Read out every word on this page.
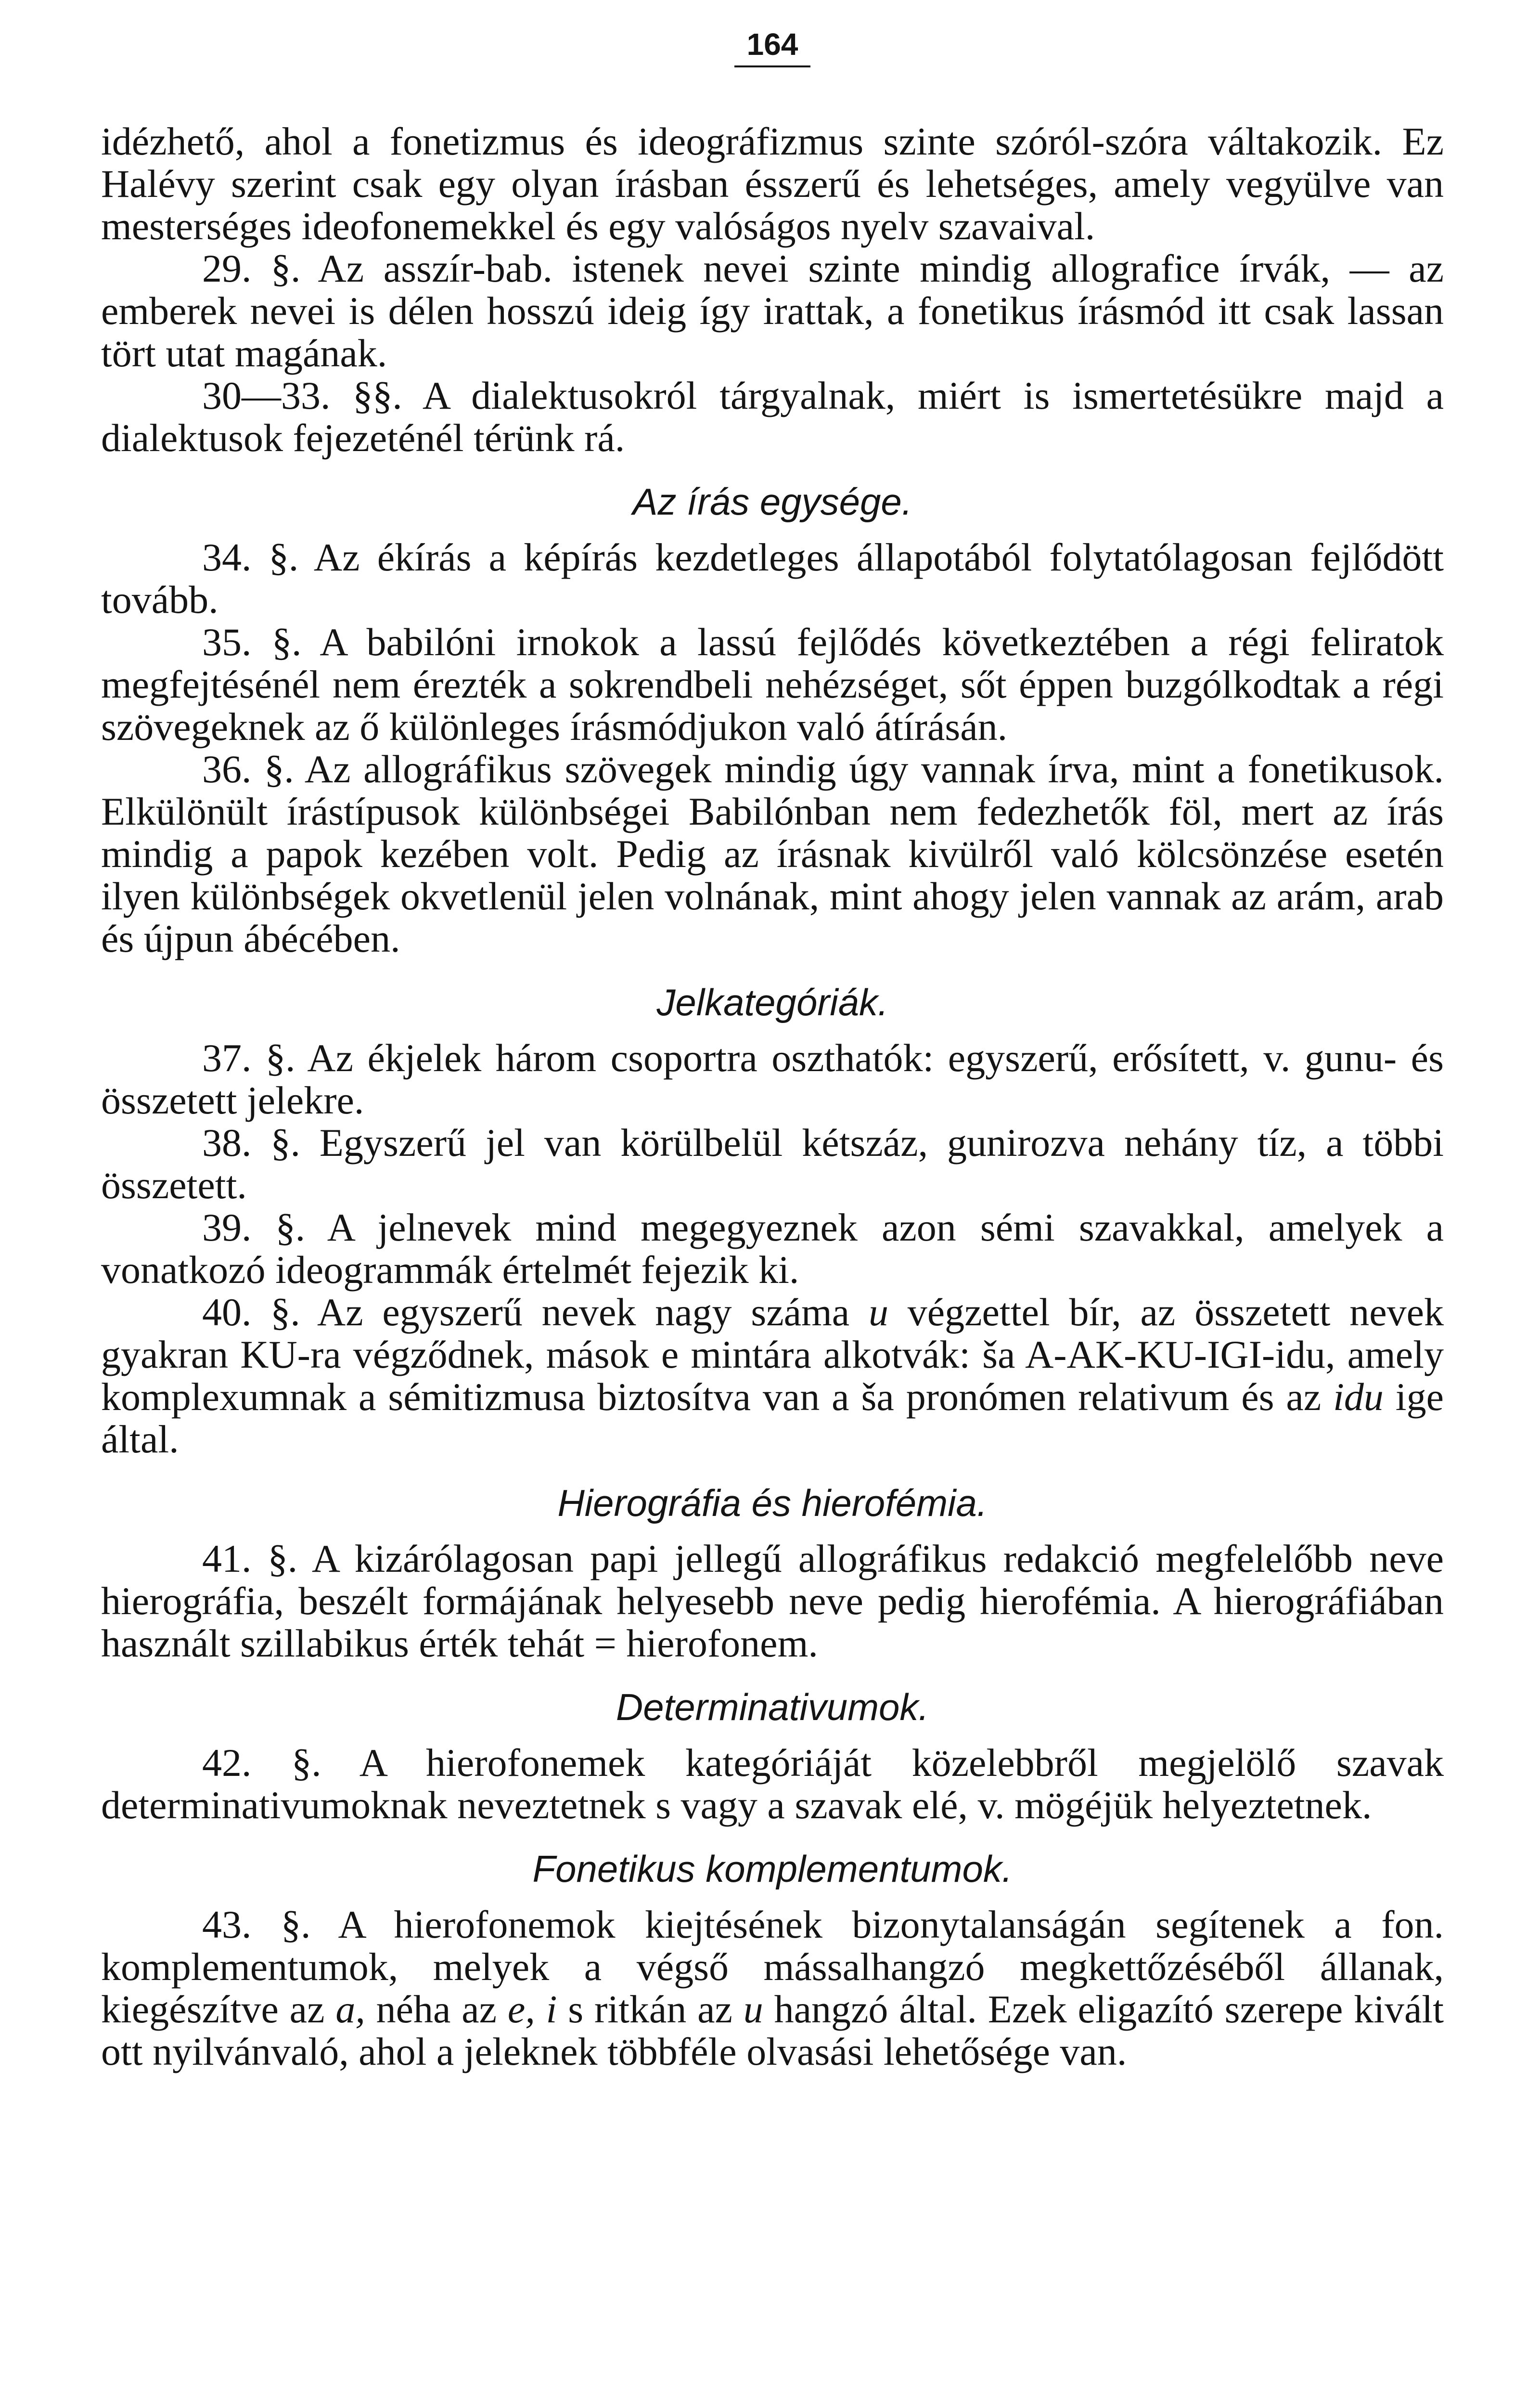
164

idézhető, ahol a fonetizmus és ideográfizmus szinte szóról-szóra váltakozik. Ez Halévy szerint csak egy olyan írásban ésszerű és lehetséges, amely vegyülve van mesterséges ideofonemekkel és egy valóságos nyelv szavaival.

29. §. Az asszír-bab. istenek nevei szinte mindig allografice írvák, — az emberek nevei is délen hosszú ideig így irattak, a fonetikus írásmód itt csak lassan tört utat magának.

30—33. §§. A dialektusokról tárgyalnak, miért is ismertetésükre majd a dialektusok fejezeténél térünk rá.

Az írás egysége.

34. §. Az ékírás a képírás kezdetleges állapotából folytatólagosan fejlődött tovább.

35. §. A babilóni irnokok a lassú fejlődés következtében a régi feliratok megfejtésénél nem érezték a sokrendbeli nehézséget, sőt éppen buzgólkodtak a régi szövegeknek az ő különleges írásmódjukon való átírásán.

36. §. Az allográfikus szövegek mindig úgy vannak írva, mint a fonetikusok. Elkülönült írástípusok különbségei Babilónban nem fedezhetők föl, mert az írás mindig a papok kezében volt. Pedig az írásnak kivülről való kölcsönzése esetén ilyen különbségek okvetlenül jelen volnának, mint ahogy jelen vannak az arám, arab és újpun ábécében.

Jelkategóriák.

37. §. Az ékjelek három csoportra oszthatók: egyszerű, erősített, v. gunu- és összetett jelekre.

38. §. Egyszerű jel van körülbelül kétszáz, gunirozva nehány tíz, a többi összetett.

39. §. A jelnevek mind megegyeznek azon sémi szavakkal, amelyek a vonatkozó ideogrammák értelmét fejezik ki.

40. §. Az egyszerű nevek nagy száma u végzettel bír, az összetett nevek gyakran KU-ra végződnek, mások e mintára alkotvák: ša A-AK-KU-IGI-idu, amely komplexumnak a sémitizmusa biztosítva van a ša pronómen relativum és az idu ige által.

Hierográfia és hierofémia.

41. §. A kizárólagosan papi jellegű allográfikus redakció megfelelőbb neve hierográfia, beszélt formájának helyesebb neve pedig hierofémia. A hierográfiában használt szillabikus érték tehát = hierofonem.

Determinativumok.

42. §. A hierofonemek kategóriáját közelebbről megjelölő szavak determinativumoknak neveztetnek s vagy a szavak elé, v. mögéjük helyeztetnek.

Fonetikus komplementumok.

43. §. A hierofonemok kiejtésének bizonytalanságán segítenek a fon. komplementumok, melyek a végső mássalhangzó megkettőzéséből állanak, kiegészítve az a, néha az e, i s ritkán az u hangzó által. Ezek eligazító szerepe kivált ott nyilvánvaló, ahol a jeleknek többféle olvasási lehetősége van.
